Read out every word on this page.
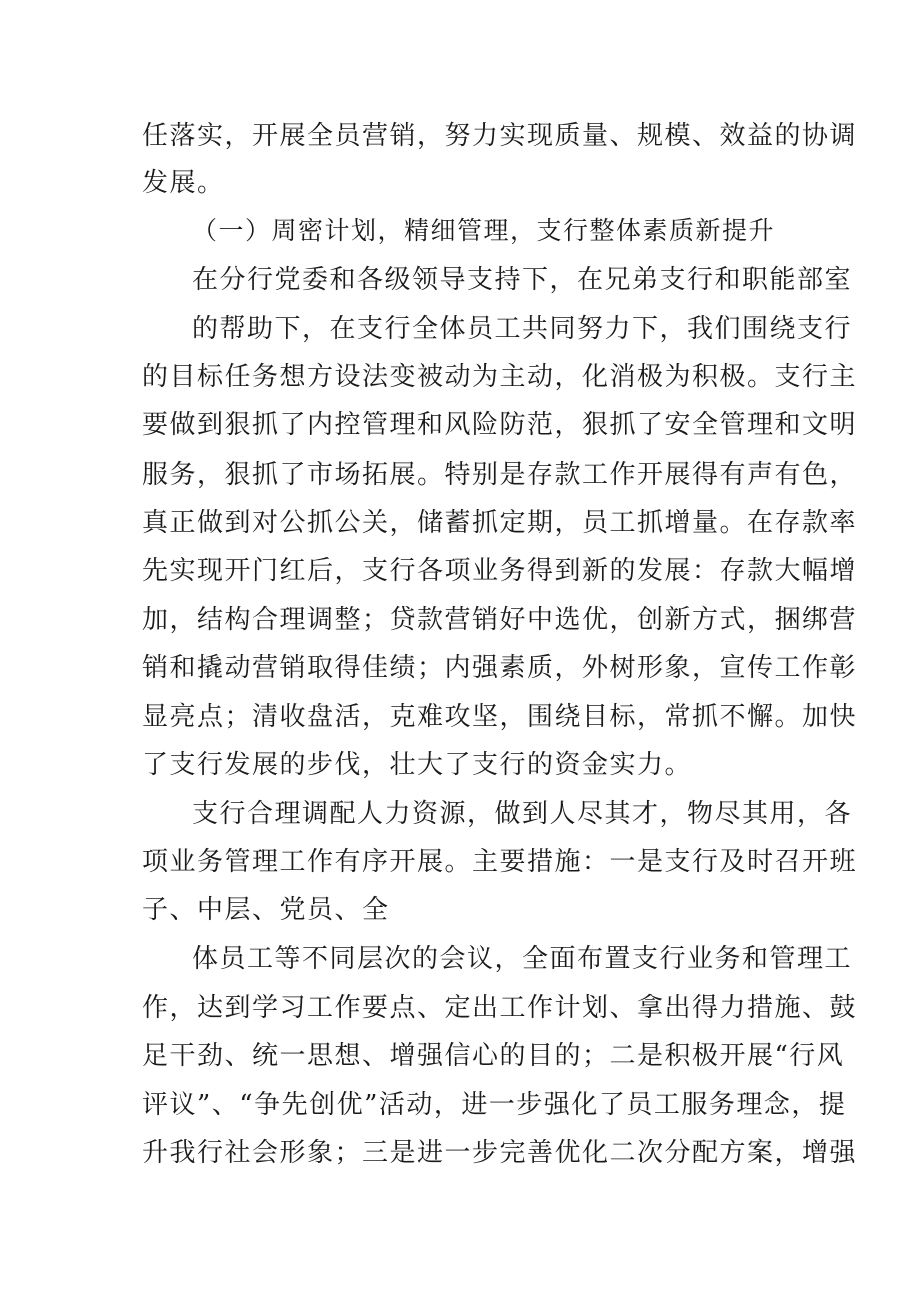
任落实，开展全员营销，努力实现质量、规模、效益的协调
发展。
（一）周密计划，精细管理，支行整体素质新提升
在分行党委和各级领导支持下，在兄弟支行和职能部室
的帮助下，在支行全体员工共同努力下，我们围绕支行
的目标任务想方设法变被动为主动，化消极为积极。支行主
要做到狠抓了内控管理和风险防范，狠抓了安全管理和文明
服务，狠抓了市场拓展。特别是存款工作开展得有声有色，
真正做到对公抓公关，储蓄抓定期，员工抓增量。在存款率
先实现开门红后，支行各项业务得到新的发展：存款大幅增
加，结构合理调整；贷款营销好中选优，创新方式，捆绑营
销和撬动营销取得佳绩；内强素质，外树形象，宣传工作彰
显亮点；清收盘活，克难攻坚，围绕目标，常抓不懈。加快
了支行发展的步伐，壮大了支行的资金实力。
支行合理调配人力资源，做到人尽其才，物尽其用，各
项业务管理工作有序开展。主要措施：一是支行及时召开班
子、中层、党员、全
体员工等不同层次的会议，全面布置支行业务和管理工
作，达到学习工作要点、定出工作计划、拿出得力措施、鼓
足干劲、统一思想、增强信心的目的；二是积极开展“行风
评议”、“争先创优”活动，进一步强化了员工服务理念，提
升我行社会形象；三是进一步完善优化二次分配方案，增强
